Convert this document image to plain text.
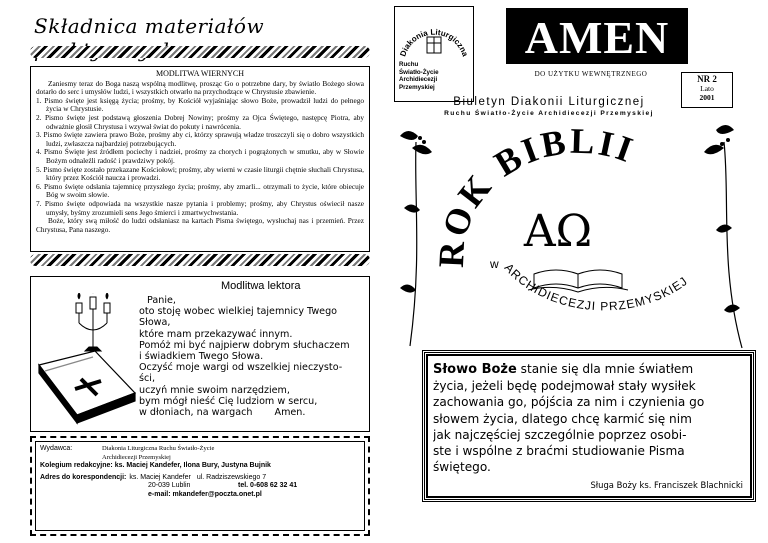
Składnica materiałów
MODLITWA WIERNYCH

Zaniesmy teraz do Boga naszą wspólną modlitwę, prosząc Go o potrzebne dary, by światło Bożego słowa dotarło do serc i umysłów ludzi, i wszystkich otwarło na przychodzące w Chrystusie zbawienie.

1. Pismo święte jest księgą życia; prośmy, by Kościół wyjaśniając słowo Boże, prowadził ludzi do pełnego życia w Chrystusie.

2. Pismo święte jest podstawą głoszenia Dobrej Nowiny; prośmy za Ojca Świętego, następcę Piotra, aby odważnie głosił Chrystusa i wzywał świat do pokuty i nawrócenia.

3. Pismo święte zawiera prawo Boże, prośmy aby ci, którzy sprawują władze troszczyli się o dobro wszystkich ludzi, zwłaszcza najbardziej potrzebujących.

4. Pismo Święte jest źródłem pociechy i nadziei, prośmy za chorych i pogrążonych w smutku, aby w Słowie Bożym odnaleźli radość i prawdziwy pokój.

5. Pismo święte zostało przekazane Kościołowi; prośmy, aby wierni w czasie liturgii chętnie słuchali Chrystusa, który przez Kościół naucza i prowadzi.

6. Pismo święte odsłania tajemnicę przyszłego życia; prośmy, aby zmarli... otrzymali to życie, które obiecuje Bóg w swoim słowie.

7. Pismo święte odpowiada na wszystkie nasze pytania i problemy; prośmy, aby Chrystus oświecił nasze umysły, byśmy zrozumieli sens Jego śmierci i zmartwychwstania.

Boże, który swą miłość do ludzi odsłaniasz na kartach Pisma świętego, wysłuchaj nas i przemień. Przez Chrystusa, Pana naszego.

Modlitwa lektora
Panie,
oto stoję wobec wielkiej tajemnicy Twego
Słowa,
które mam przekazywać innym.
Pomóż mi być najpierw dobrym słuchaczem
i świadkiem Twego Słowa.
Oczyść moje wargi od wszelkiej nieczysto-
ści,
uczyń mnie swoim narzędziem,
bym mógł nieść Cię ludziom w sercu,
w dłoniach, na wargach Amen.
Wydawca:	Diakonia Liturgiczna Ruchu Światło-Życie
Archidiecezji Przemyskiej
Kolegium redakcyjne: ks. Maciej Kandefer, Ilona Bury, Justyna Bujnik
Adres do korespondencji: ks. Maciej Kandefer ul. Radziszewskiego 7
20-039 Lublin	tel. 0-608 62 32 41
e-mail: mkandefer@poczta.onet.pl
Diakonia Liturgiczna
Ruchu
Światło-Życie
Archidiecezji
Przemyskiej
AMEN
DO UŻYTKU WEWNĘTRZNEGO	NR 2
Lato
2001
Biuletyn Diakonii Liturgicznej
Ruchu Światło-Życie Archidiecezji Przemyskiej
ROK BIBLII
AΩ
w ARCHIDIECEZJI PRZEMYSKIEJ
Słowo Boże stanie się dla mnie światłem
życia, jeżeli będę podejmował stały wysiłek
zachowania go, pójścia za nim i czynienia go
słowem życia, dlatego chcę karmić się nim
jak najczęściej szczególnie poprzez osobi-
ste i wspólne z braćmi studiowanie Pisma
świętego.
Sługa Boży ks. Franciszek Blachnicki
